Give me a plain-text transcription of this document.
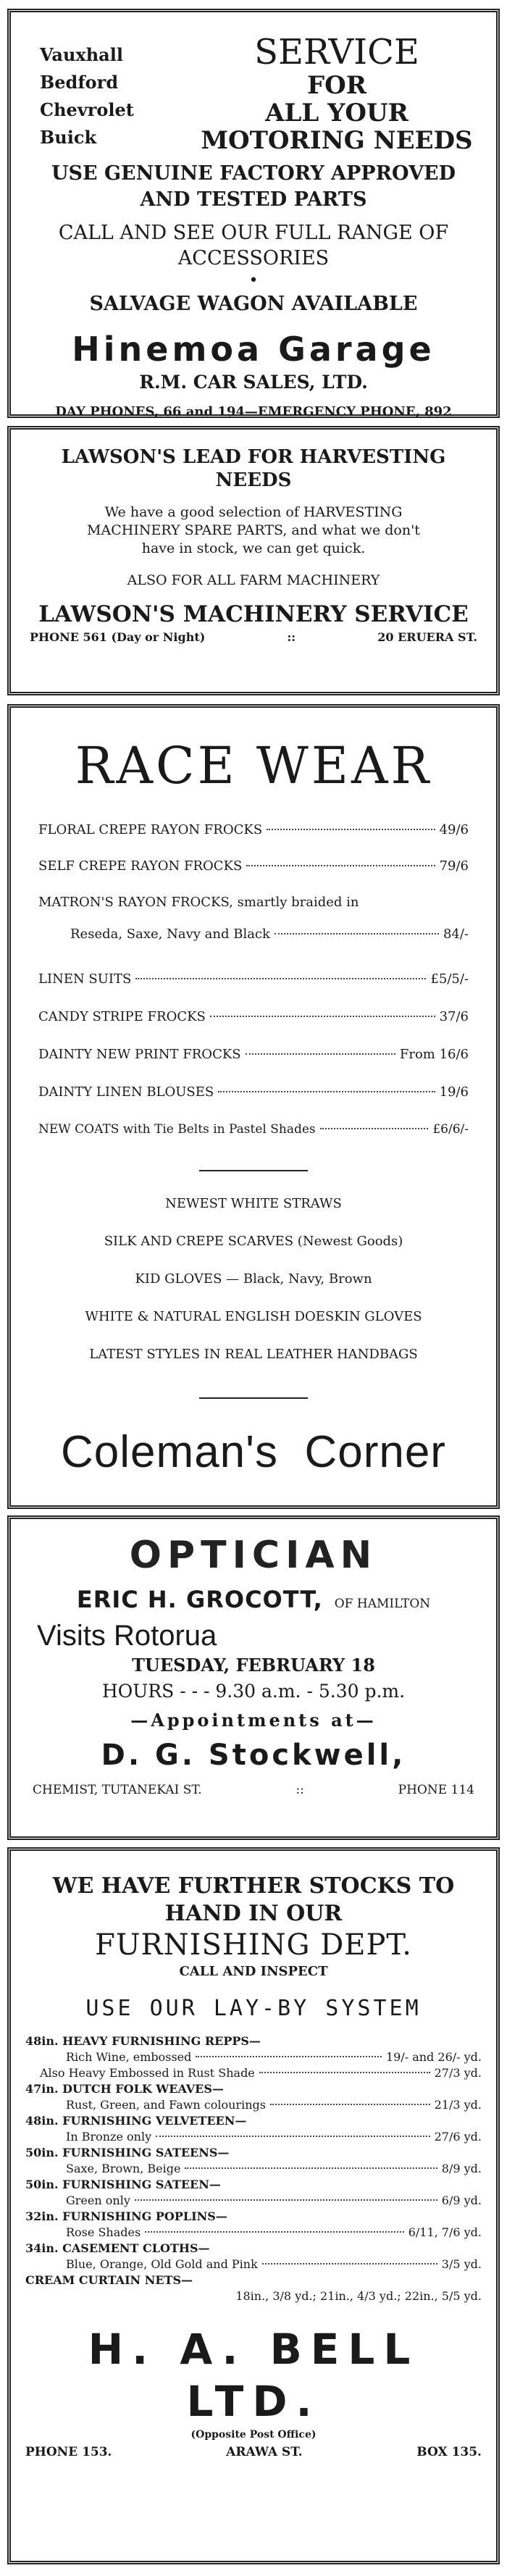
Vauxhall
Bedford
Chevrolet
Buick
SERVICE
FOR
ALL YOUR
MOTORING NEEDS
USE GENUINE FACTORY APPROVED
AND TESTED PARTS
CALL AND SEE OUR FULL RANGE OF
ACCESSORIES
•
SALVAGE WAGON AVAILABLE
Hinemoa Garage
R.M. CAR SALES, LTD.
DAY PHONES, 66 and 194—EMERGENCY PHONE, 892
LAWSON'S LEAD FOR HARVESTING
NEEDS
We have a good selection of HARVESTING
MACHINERY SPARE PARTS, and what we don't
have in stock, we can get quick.
ALSO FOR ALL FARM MACHINERY
LAWSON'S MACHINERY SERVICE
PHONE 561 (Day or Night)	::	20 ERUERA ST.
RACE WEAR
FLORAL CREPE RAYON FROCKS	49/6
SELF CREPE RAYON FROCKS	79/6
MATRON'S RAYON FROCKS, smartly braided in
Reseda, Saxe, Navy and Black	84/-
LINEN SUITS	£5/5/-
CANDY STRIPE FROCKS	37/6
DAINTY NEW PRINT FROCKS	From 16/6
DAINTY LINEN BLOUSES	19/6
NEW COATS with Tie Belts in Pastel Shades	£6/6/-
NEWEST WHITE STRAWS
SILK AND CREPE SCARVES (Newest Goods)
KID GLOVES — Black, Navy, Brown
WHITE & NATURAL ENGLISH DOESKIN GLOVES
LATEST STYLES IN REAL LEATHER HANDBAGS
Coleman's  Corner
OPTICIAN
ERIC H. GROCOTT, OF HAMILTON
Visits Rotorua
TUESDAY, FEBRUARY 18
HOURS - - - 9.30 a.m. - 5.30 p.m.
—Appointments at—
D. G. Stockwell,
CHEMIST, TUTANEKAI ST.	::	PHONE 114
WE HAVE FURTHER STOCKS TO
HAND IN OUR
FURNISHING DEPT.
CALL AND INSPECT
USE OUR LAY-BY SYSTEM
48in. HEAVY FURNISHING REPPS—
Rich Wine, embossed	19/- and 26/- yd.
Also Heavy Embossed in Rust Shade	27/3 yd.
47in. DUTCH FOLK WEAVES—
Rust, Green, and Fawn colourings	21/3 yd.
48in. FURNISHING VELVETEEN—
In Bronze only	27/6 yd.
50in. FURNISHING SATEENS—
Saxe, Brown, Beige	8/9 yd.
50in. FURNISHING SATEEN—
Green only	6/9 yd.
32in. FURNISHING POPLINS—
Rose Shades	6/11, 7/6 yd.
34in. CASEMENT CLOTHS—
Blue, Orange, Old Gold and Pink	3/5 yd.
CREAM CURTAIN NETS—
18in., 3/8 yd.; 21in., 4/3 yd.; 22in., 5/5 yd.
H. A. BELL LTD.
(Opposite Post Office)
PHONE 153.	ARAWA ST.	BOX 135.
